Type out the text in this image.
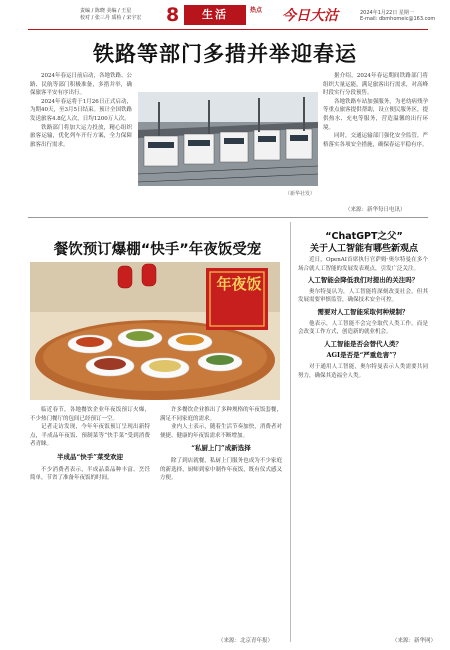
责编 / 陈晓 美编 / 王星
校对 / 张三丹 质检 / 宋宇宏 8	生活	热点 今日大沽	2024年1月22日 星期一
E-mail: dbmhomeic@163.com
铁路等部门多措并举迎春运

2024年春运日前启动，各地铁路、公路、民航等部门积极准备，多措并举，确保旅客平安有序出行。

2024年春运将于1月26日正式启动，为期40天，至3月5日结束。预计全国铁路发送旅客4.8亿人次，日均1200万人次。

铁路部门将加大运力投放，精心组织旅客运输，优化列车开行方案，全力保障旅客出行需求。

（新华社发）

据介绍，2024年春运期间铁路部门将组织大量运能，满足旅客出行需求，对高峰时段实行分段预售。

各地铁路车站加强服务，为老幼病残孕等重点旅客提供帮助，设立便民服务区，提供热水、充电等服务，营造温馨的出行环境。

同时，交通运输部门强化安全监管，严格落实各项安全措施，确保春运平稳有序。

（来源：新华每日电讯）
餐饮预订爆棚“快手”年夜饭受宠
年夜饭

临近春节，各地餐饮企业年夜饭预订火爆，不少热门餐厅的包间已经预订一空。

记者走访发现，今年年夜饭预订呈现出新特点，半成品年夜饭、预制菜等“快手菜”受到消费者青睐。

半成品“快手”菜受欢迎

不少消费者表示，半成品菜品种丰富、烹饪简单，节省了准备年夜饭的时间。

许多餐饮企业推出了多种规格的年夜饭套餐，满足不同家庭的需求。

业内人士表示，随着生活节奏加快，消费者对便捷、健康的年夜饭需求不断增加。

“私厨上门”成新选择

除了到店就餐，私厨上门服务也成为不少家庭的新选择，厨师到家中制作年夜饭，既有仪式感又方便。

（来源：北京青年报）
“ChatGPT之父”
关于人工智能有哪些新观点

近日，OpenAI首席执行官萨姆·奥尔特曼在多个场合就人工智能的发展发表观点，引发广泛关注。

人工智能会降低我们对提出的关注吗？

奥尔特曼认为，人工智能将深刻改变社会，但其发展需要审慎监管，确保技术安全可控。

需要对人工智能采取何种规制？

他表示，人工智能不会完全取代人类工作，而是会改变工作方式，创造新的就业机会。

人工智能是否会替代人类？
AGI是否是“严重危害”？

对于通用人工智能，奥尔特曼表示人类需要共同努力，确保其造福全人类。

（来源：新华网）
